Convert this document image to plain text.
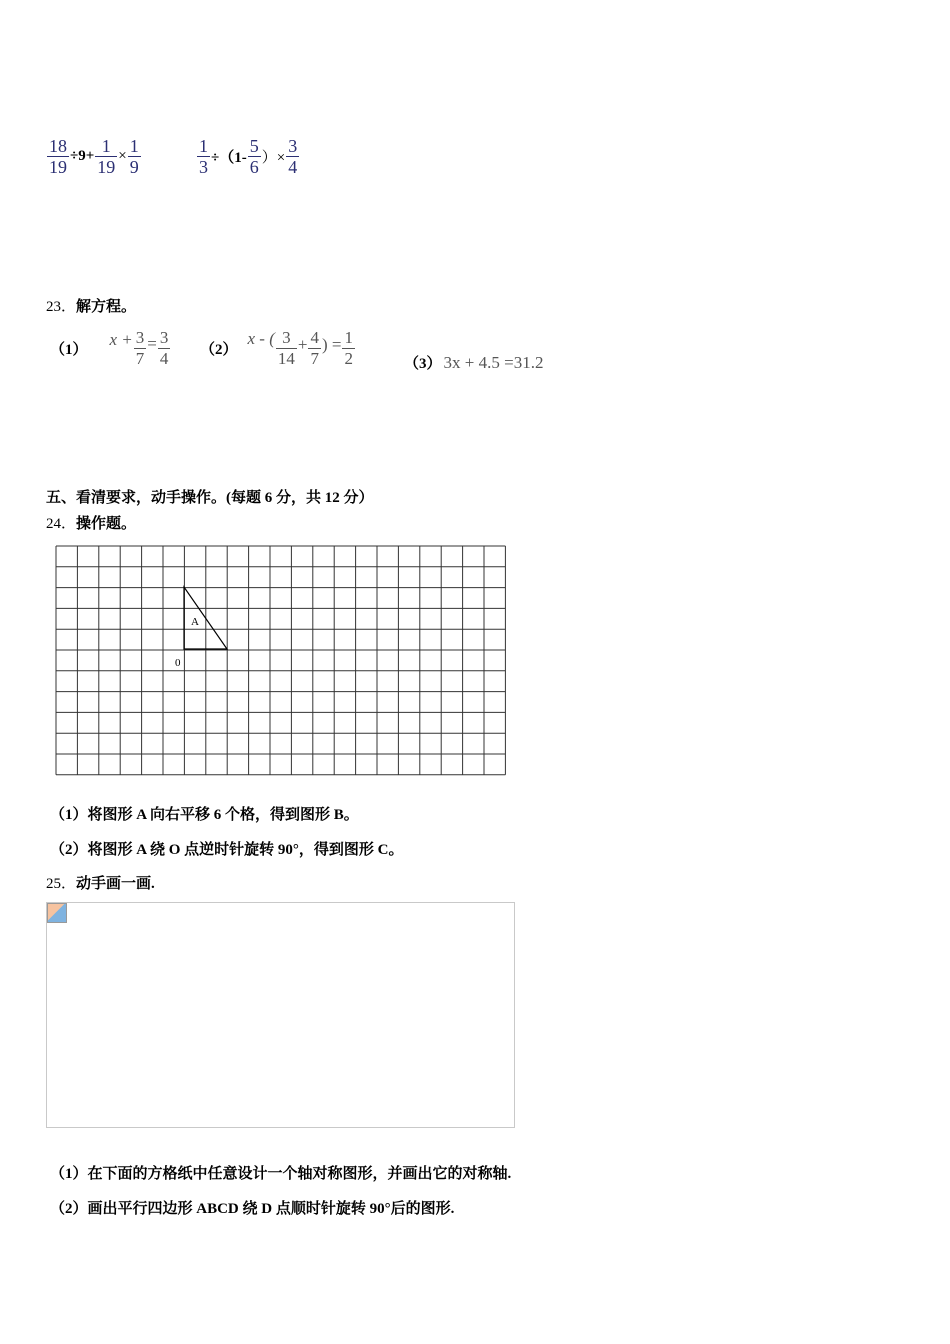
$\frac{18}{19} \div 9+ \frac{1}{19} \times \frac{1}{9}$	$\frac{1}{3} \div(1- \frac{5}{6}$ ）× $\frac{3}{4}$
23．解方程。
（1）
$x + \frac{3}{7} = \frac{3}{4} (2)$
x - ( $\frac{3}{14} + \frac{4}{7}$ ) = $\frac{1}{2}$	（3） 3x + 4.5 =31.2
五、看清要求，动手操作。(每题 6 分，共 12 分）
24．操作题。
A
0
（1）将图形 A 向右平移 6 个格，得到图形 B。
（2）将图形 A 绕 O 点逆时针旋转 90°，得到图形 C。
25．动手画一画.
（1）在下面的方格纸中任意设计一个轴对称图形，并画出它的对称轴.
（2）画出平行四边形 ABCD 绕 D 点顺时针旋转 90°后的图形.
